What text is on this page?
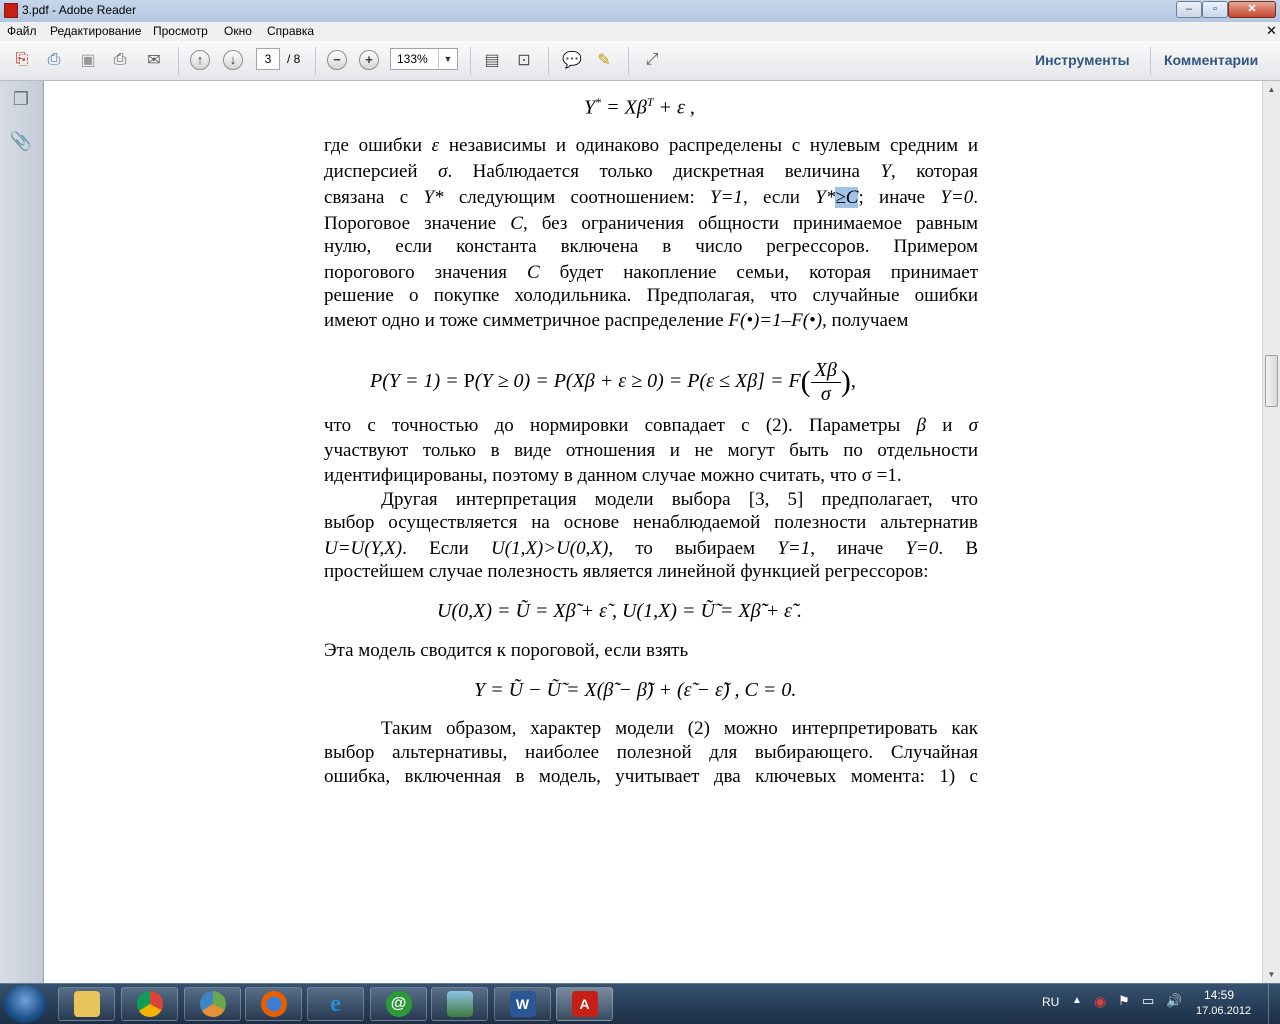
3.pdf - Adobe Reader	–	▫	✕
Файл Редактирование Просмотр Окно Справка	✕
⎘	⎙	▣	⎙	✉	↑	↓	3	/ 8	−	+	133%	▼ ▤	⊡	💬 ✎	⤢	Инструменты Комментарии
❐
📎
$Y^* = X\beta^T + \varepsilon$ ,
где ошибки ε независимы и одинаково распределены с нулевым средним и
дисперсией σ. Наблюдается только дискретная величина Y, которая
связана с Y* следующим соотношением: Y=1, если Y*≥C; иначе Y=0.
Пороговое значение C, без ограничения общности принимаемое равным
нулю, если константа включена в число регрессоров. Примером
порогового значения C будет накопление семьи, которая принимает
решение о покупке холодильника. Предполагая, что случайные ошибки
имеют одно и тоже симметричное распределение F(•)=1–F(•), получаем
$P(Y = 1) = P(Y \ge 0) = P(X\beta + \varepsilon \ge 0) = P(\varepsilon \le X\beta] = F( \frac{X\beta}{\sigma}$ ),
что с точностью до нормировки совпадает с (2). Параметры β и σ
участвуют только в виде отношения и не могут быть по отдельности
идентифицированы, поэтому в данном случае можно считать, что σ =1.
Другая интерпретация модели выбора [3, 5] предполагает, что
выбор осуществляется на основе ненаблюдаемой полезности альтернатив
U=U(Y,X). Если U(1,X)>U(0,X), то выбираем Y=1, иначе Y=0. В
простейшем случае полезность является линейной функцией регрессоров:
U(0,X) = Ũ = Xβ̃ + ε̃ , U(1,X) = Ũ̃ = Xβ̃̃ + ε̃̃ .
Эта модель сводится к пороговой, если взять
Y = Ũ − Ũ̃ = X(β̃ − β̃̃) + (ε̃ − ε̃̃) , C = 0.
Таким образом, характер модели (2) можно интерпретировать как
выбор альтернативы, наиболее полезной для выбирающего. Случайная
ошибка, включенная в модель, учитывает два ключевых момента: 1) с
▲
▼
e	@	W	A	RU ▲ ◉ ⚑ ▭ 🔊 14:59
17.06.2012
